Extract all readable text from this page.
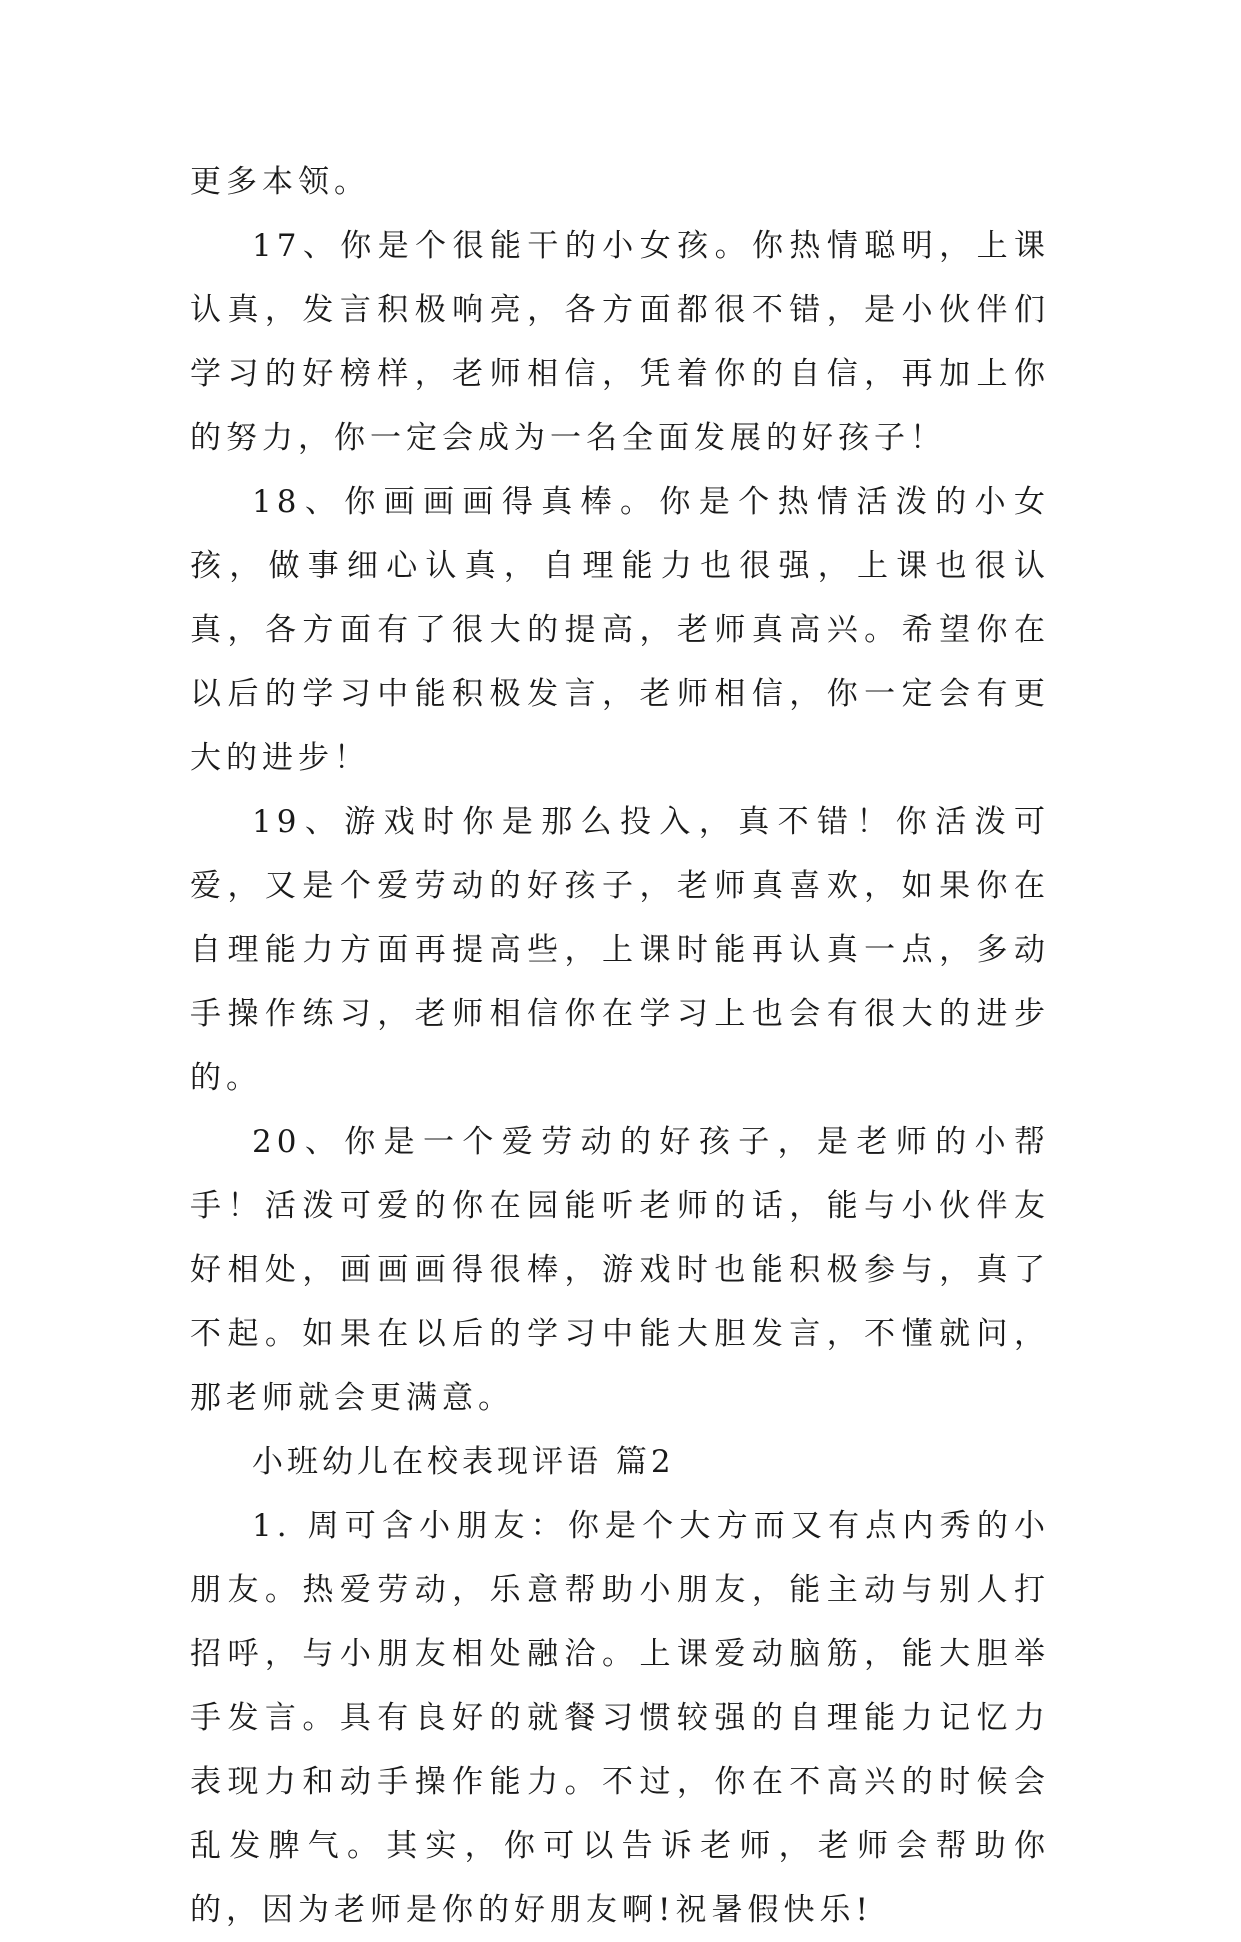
更多本领。

17、你是个很能干的小女孩。你热情聪明，上课认真，发言积极响亮，各方面都很不错，是小伙伴们学习的好榜样，老师相信，凭着你的自信，再加上你的努力，你一定会成为一名全面发展的好孩子！

18、你画画画得真棒。你是个热情活泼的小女孩，做事细心认真，自理能力也很强，上课也很认真，各方面有了很大的提高，老师真高兴。希望你在以后的学习中能积极发言，老师相信，你一定会有更大的进步！

19、游戏时你是那么投入，真不错！你活泼可爱，又是个爱劳动的好孩子，老师真喜欢，如果你在自理能力方面再提高些，上课时能再认真一点，多动手操作练习，老师相信你在学习上也会有很大的进步的。

20、你是一个爱劳动的好孩子，是老师的小帮手！活泼可爱的你在园能听老师的话，能与小伙伴友好相处，画画画得很棒，游戏时也能积极参与，真了不起。如果在以后的学习中能大胆发言，不懂就问，那老师就会更满意。

小班幼儿在校表现评语 篇2

1. 周可含小朋友：你是个大方而又有点内秀的小朋友。热爱劳动，乐意帮助小朋友，能主动与别人打招呼，与小朋友相处融洽。上课爱动脑筋，能大胆举手发言。具有良好的就餐习惯较强的自理能力记忆力表现力和动手操作能力。不过，你在不高兴的时候会乱发脾气。其实，你可以告诉老师，老师会帮助你的，因为老师是你的好朋友啊!祝暑假快乐!
